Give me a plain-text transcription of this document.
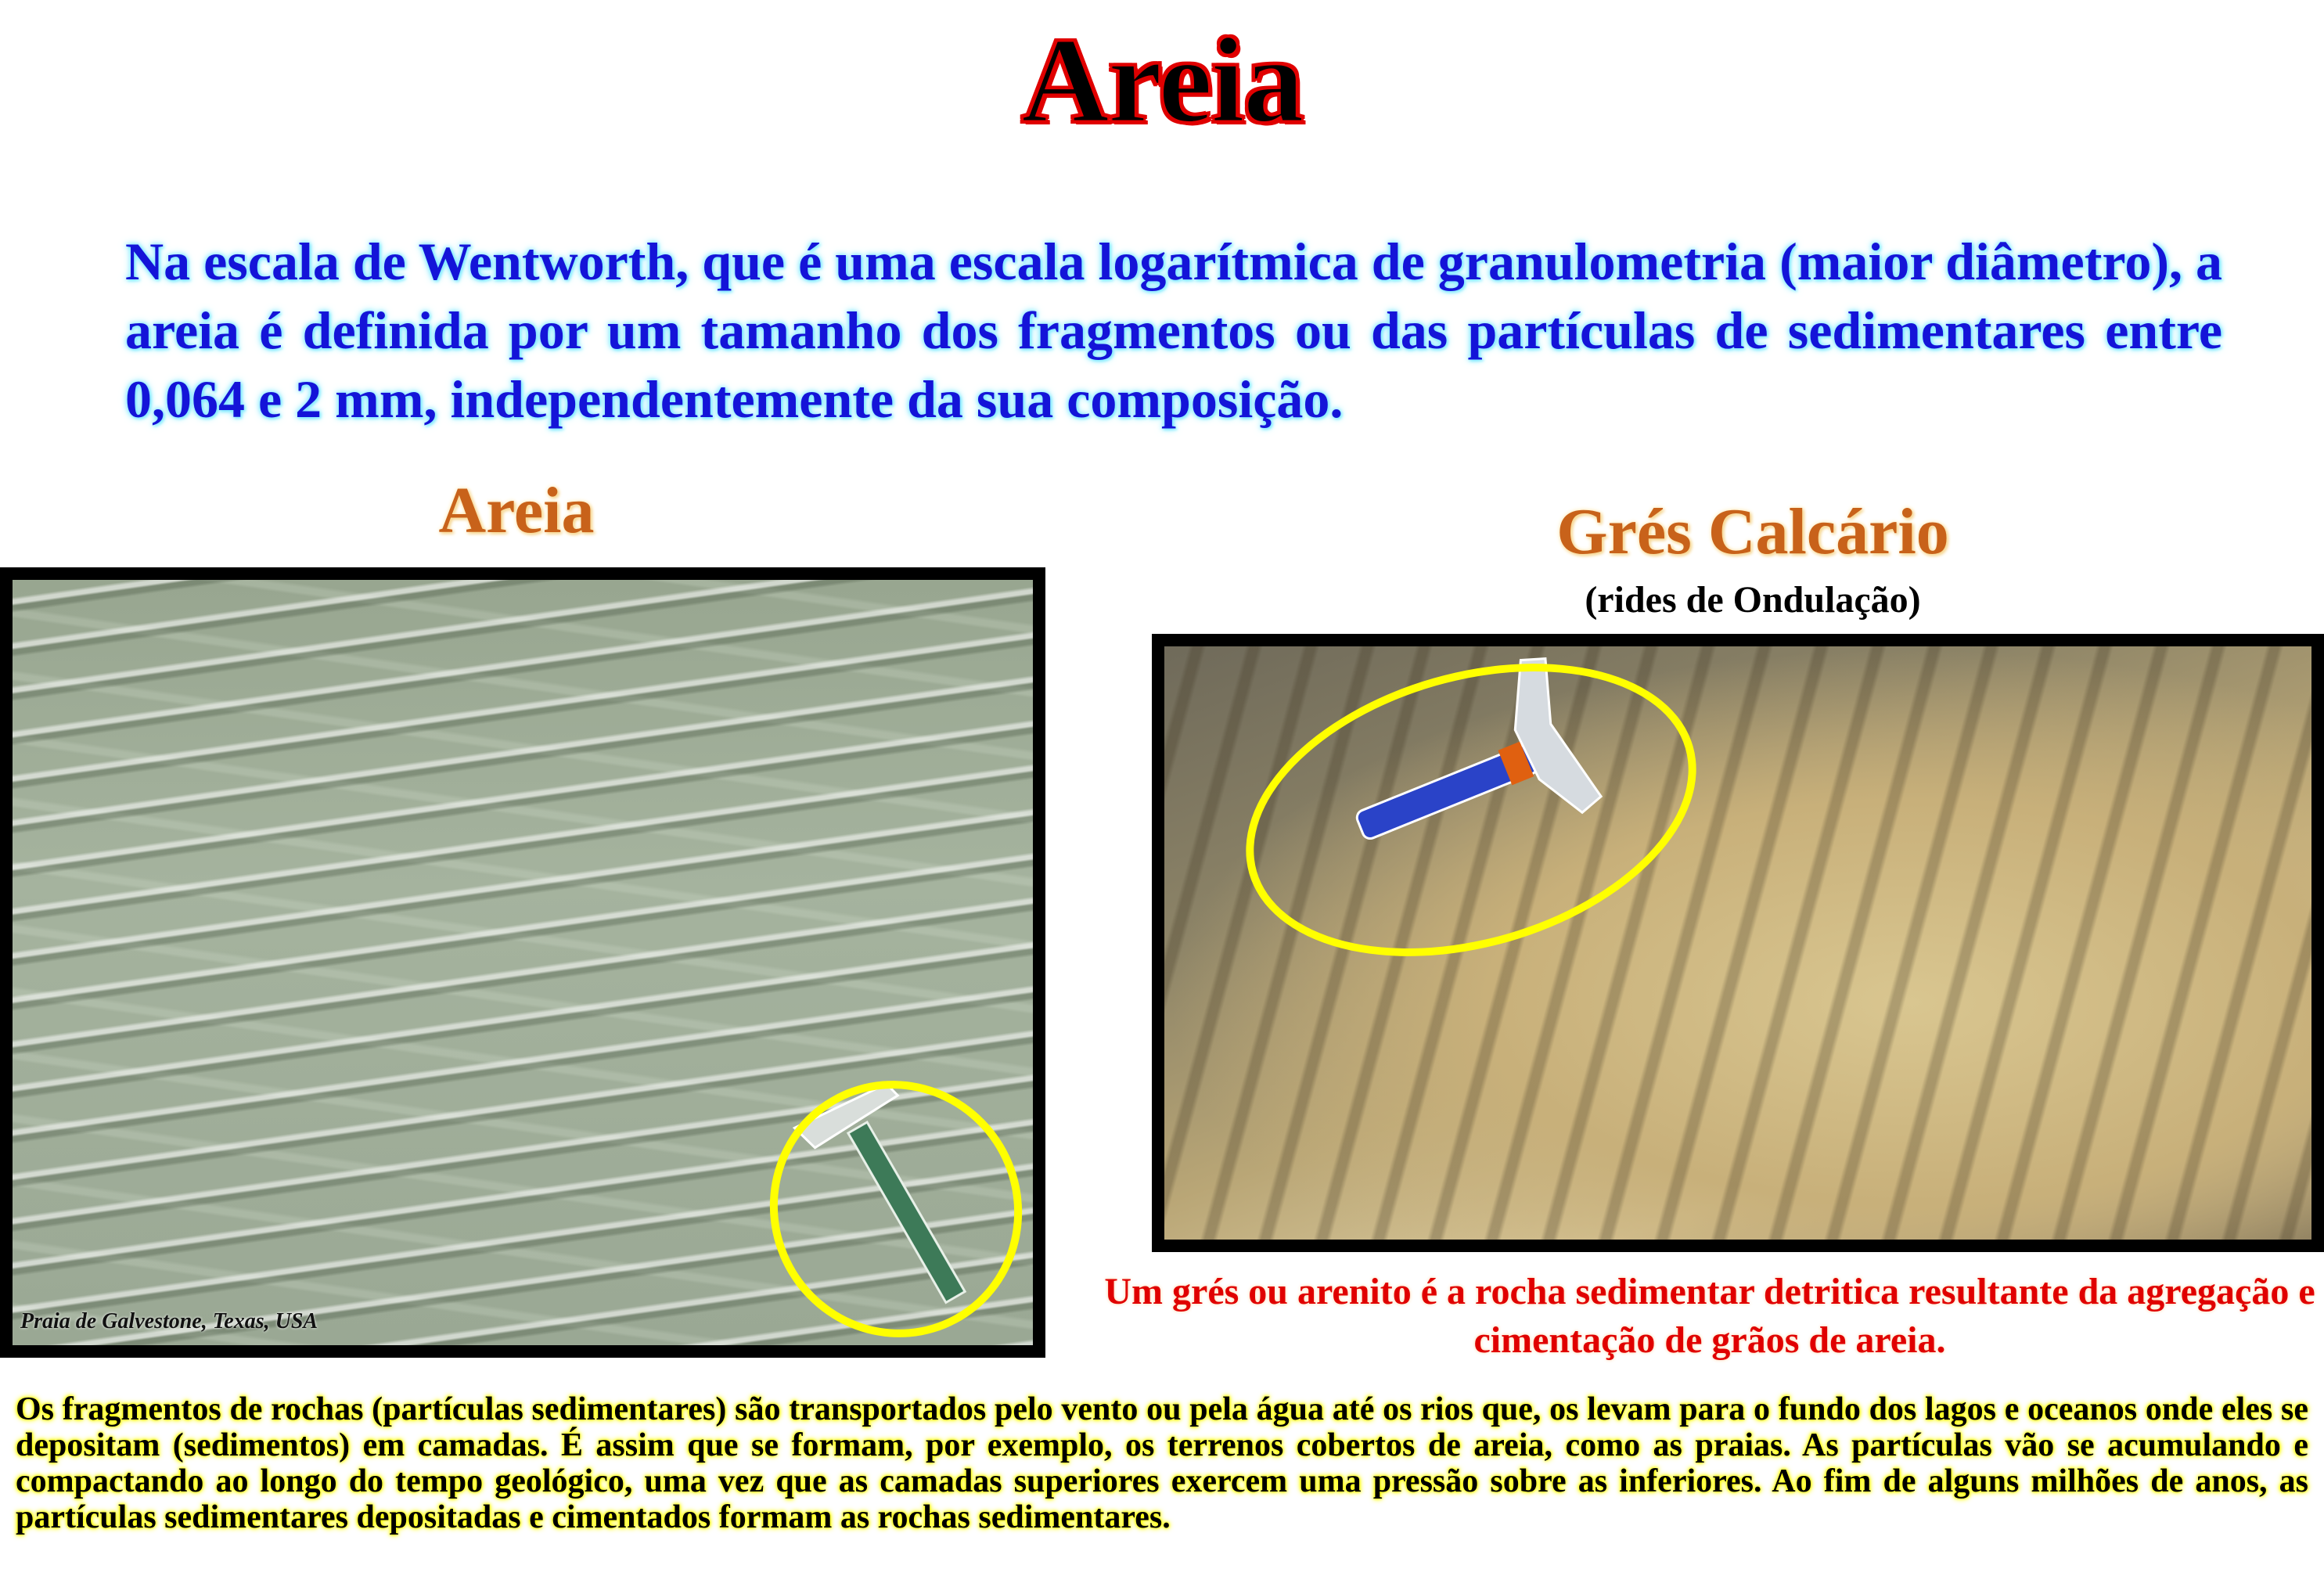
Areia
Na escala de Wentworth, que é uma escala logarítmica de granulometria (maior diâmetro), a areia é definida por um tamanho dos fragmentos ou das partículas de sedimentares entre 0,064 e 2 mm, independentemente da sua composição.
Areia	Grés Calcário
(rides de Ondulação)
Praia de Galvestone, Texas, USA
Um grés ou arenito é a rocha sedimentar detritica resultante da agregação e cimentação de grãos de areia.
Os fragmentos de rochas (partículas sedimentares) são transportados pelo vento ou pela água até os rios que, os levam para o fundo dos lagos e oceanos onde eles se depositam (sedimentos) em camadas. É assim que se formam, por exemplo, os terrenos cobertos de areia, como as praias. As partículas vão se acumulando e compactando ao longo do tempo geológico, uma vez que as camadas superiores exercem uma pressão sobre as inferiores. Ao fim de alguns milhões de anos, as partículas sedimentares depositadas e cimentados formam as rochas sedimentares.
